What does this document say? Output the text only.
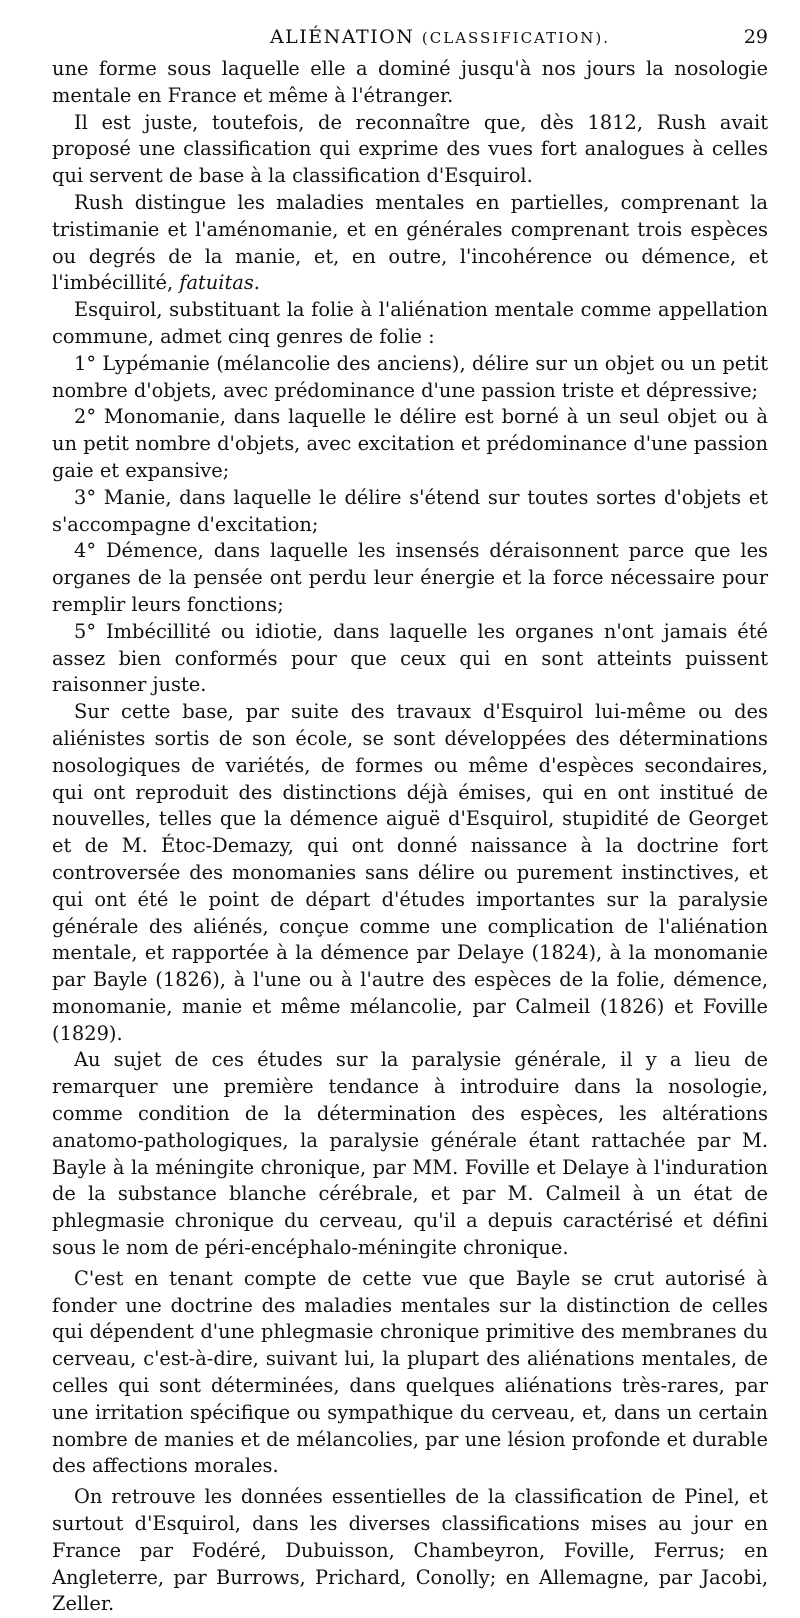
ALIÉNATION (CLASSIFICATION).	29

une forme sous laquelle elle a dominé jusqu'à nos jours la nosologie mentale en France et même à l'étranger.

Il est juste, toutefois, de reconnaître que, dès 1812, Rush avait proposé une classification qui exprime des vues fort analogues à celles qui servent de base à la classification d'Esquirol.

Rush distingue les maladies mentales en partielles, comprenant la tristimanie et l'aménomanie, et en générales comprenant trois espèces ou degrés de la manie, et, en outre, l'incohérence ou démence, et l'imbécillité, fatuitas.

Esquirol, substituant la folie à l'aliénation mentale comme appellation commune, admet cinq genres de folie :

1° Lypémanie (mélancolie des anciens), délire sur un objet ou un petit nombre d'objets, avec prédominance d'une passion triste et dépressive;

2° Monomanie, dans laquelle le délire est borné à un seul objet ou à un petit nombre d'objets, avec excitation et prédominance d'une passion gaie et expansive;

3° Manie, dans laquelle le délire s'étend sur toutes sortes d'objets et s'accompagne d'excitation;

4° Démence, dans laquelle les insensés déraisonnent parce que les organes de la pensée ont perdu leur énergie et la force nécessaire pour remplir leurs fonctions;

5° Imbécillité ou idiotie, dans laquelle les organes n'ont jamais été assez bien conformés pour que ceux qui en sont atteints puissent raisonner juste.

Sur cette base, par suite des travaux d'Esquirol lui-même ou des aliénistes sortis de son école, se sont développées des déterminations nosologiques de variétés, de formes ou même d'espèces secondaires, qui ont reproduit des distinctions déjà émises, qui en ont institué de nouvelles, telles que la démence aiguë d'Esquirol, stupidité de Georget et de M. Étoc-Demazy, qui ont donné naissance à la doctrine fort controversée des monomanies sans délire ou purement instinctives, et qui ont été le point de départ d'études importantes sur la paralysie générale des aliénés, conçue comme une complication de l'aliénation mentale, et rapportée à la démence par Delaye (1824), à la monomanie par Bayle (1826), à l'une ou à l'autre des espèces de la folie, démence, monomanie, manie et même mélancolie, par Calmeil (1826) et Foville (1829).

Au sujet de ces études sur la paralysie générale, il y a lieu de remarquer une première tendance à introduire dans la nosologie, comme condition de la détermination des espèces, les altérations anatomo-pathologiques, la paralysie générale étant rattachée par M. Bayle à la méningite chronique, par MM. Foville et Delaye à l'induration de la substance blanche cérébrale, et par M. Calmeil à un état de phlegmasie chronique du cerveau, qu'il a depuis caractérisé et défini sous le nom de péri-encéphalo-méningite chronique.

C'est en tenant compte de cette vue que Bayle se crut autorisé à fonder une doctrine des maladies mentales sur la distinction de celles qui dépendent d'une phlegmasie chronique primitive des membranes du cerveau, c'est-à-dire, suivant lui, la plupart des aliénations mentales, de celles qui sont déterminées, dans quelques aliénations très-rares, par une irritation spécifique ou sympathique du cerveau, et, dans un certain nombre de manies et de mélancolies, par une lésion profonde et durable des affections morales.

On retrouve les données essentielles de la classification de Pinel, et surtout d'Esquirol, dans les diverses classifications mises au jour en France par Fodéré, Dubuisson, Chambeyron, Foville, Ferrus; en Angleterre, par Burrows, Prichard, Conolly; en Allemagne, par Jacobi, Zeller.
